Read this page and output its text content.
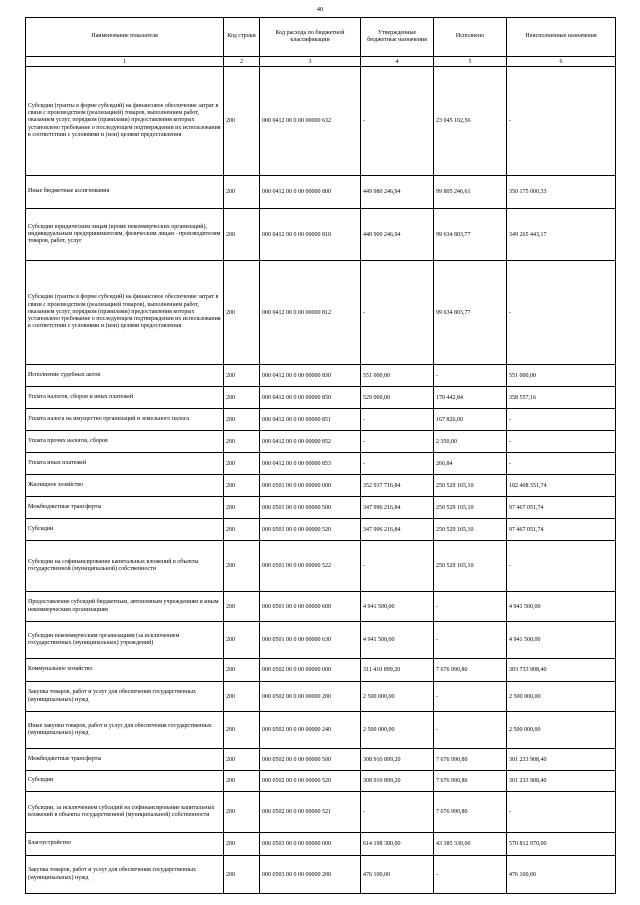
40
Наименование показателя	Код строки	Код расхода по бюджетной классификации	Утвержденные бюджетные назначения	Исполнено	Неисполненные назначения
1	2	3	4	5	6
Субсидии (гранты в форме субсидий) на финансовое обеспечение затрат в связи с производством (реализацией) товаров, выполнением работ, оказанием услуг, порядком (правилами) предоставления которых установлено требование о последующем подтверждении их использования в соответствии с условиями и (или) целями предоставления	200	000 0412 00 0 00 00000 632	-	23 045 102,56	-
Иные бюджетные ассигнования	200	000 0412 00 0 00 00000 800	449 980 246,94	99 805 246,61	350 175 000,33
Субсидии юридическим лицам (кроме некоммерческих организаций), индивидуальным предпринимателям, физическим лицам - производителям товаров, работ, услуг	200	000 0412 00 0 00 00000 810	448 900 246,94	99 634 803,77	349 265 443,17
Субсидии (гранты в форме субсидий) на финансовое обеспечение затрат в связи с производством (реализацией товаров), выполнением работ, оказанием услуг, порядком (правилами) предоставления которых установлено требование о последующем подтверждении их использования в соответствии с условиями и (или) целями предоставления	200	000 0412 00 0 00 00000 812	-	99 634 803,77	-
Исполнение судебных актов	200	000 0412 00 0 00 00000 830	551 000,00	-	551 000,00
Уплата налогов, сборов и иных платежей	200	000 0412 00 0 00 00000 850	529 000,00	170 442,84	358 557,16
Уплата налога на имущество организаций и земельного налога	200	000 0412 00 0 00 00000 851	-	167 826,00	-
Уплата прочих налогов, сборов	200	000 0412 00 0 00 00000 852	-	2 350,00	-
Уплата иных платежей	200	000 0412 00 0 00 00000 853	-	266,84	-
Жилищное хозяйство	200	000 0501 00 0 00 00000 000	352 937 716,84	250 529 165,10	102 408 551,74
Межбюджетные трансферты	200	000 0501 00 0 00 00000 500	347 996 216,84	250 529 165,10	97 467 051,74
Субсидии	200	000 0501 00 0 00 00000 520	347 996 216,84	250 529 165,10	97 467 051,74
Субсидии на софинансирование капитальных вложений в объекты государственной (муниципальной) собственности	200	000 0501 00 0 00 00000 522	-	250 529 165,10	-
Предоставление субсидий бюджетным, автономным учреждениям и иным некоммерческим организациям	200	000 0501 00 0 00 00000 600	4 941 500,00	-	4 941 500,00
Субсидии некоммерческим организациям (за исключением государственных (муниципальных) учреждений)	200	000 0501 00 0 00 00000 630	4 941 500,00	-	4 941 500,00
Коммунальное хозяйство	200	000 0502 00 0 00 00000 000	311 410 899,20	7 676 990,80	303 733 908,40
Закупка товаров, работ и услуг для обеспечения государственных (муниципальных) нужд	200	000 0502 00 0 00 00000 200	2 500 000,00	-	2 500 000,00
Иные закупки товаров, работ и услуг для обеспечения государственных (муниципальных) нужд	200	000 0502 00 0 00 00000 240	2 500 000,00	-	2 500 000,00
Межбюджетные трансферты	200	000 0502 00 0 00 00000 500	308 910 899,20	7 676 990,80	301 233 908,40
Субсидии	200	000 0502 00 0 00 00000 520	308 910 899,20	7 676 990,80	301 233 908,40
Субсидии, за исключением субсидий на софинансирование капитальных вложений в объекты государственной (муниципальной) собственности	200	000 0502 00 0 00 00000 521	-	7 676 990,80	-
Благоустройство	200	000 0503 00 0 00 00000 000	614 198 300,00	43 385 330,00	570 812 970,00
Закупка товаров, работ и услуг для обеспечения государственных (муниципальных) нужд	200	000 0503 00 0 00 00000 200	476 100,00	-	476 100,00
